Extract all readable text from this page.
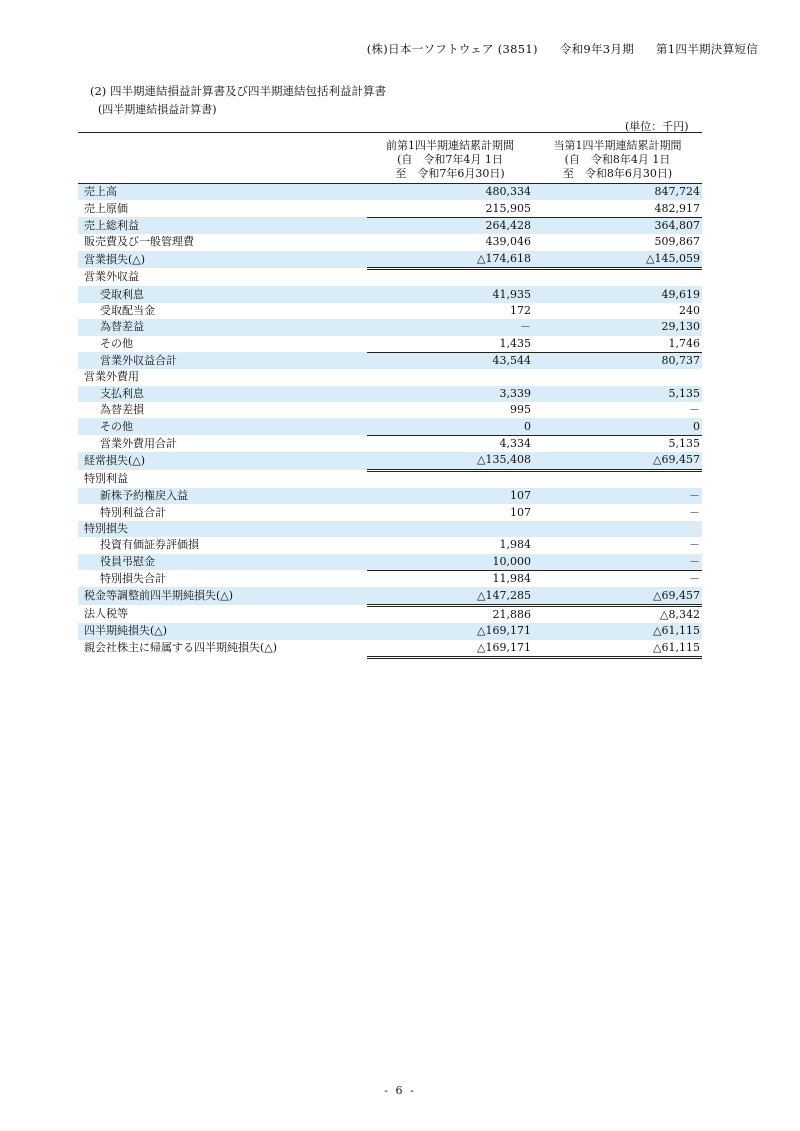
(株)日本一ソフトウェア (3851) 令和9年3月期 第1四半期決算短信
(2) 四半期連結損益計算書及び四半期連結包括利益計算書
(四半期連結損益計算書)
(単位：千円)

	前第1四半期連結累計期間
(自　令和7年4月 1日
至　令和7年6月30日)	当第1四半期連結累計期間
(自　令和8年4月 1日
至　令和8年6月30日)

売上高	480,334	847,724
売上原価	215,905	482,917
売上総利益	264,428	364,807
販売費及び一般管理費	439,046	509,867
営業損失(△)	△174,618	△145,059
営業外収益		
受取利息	41,935	49,619
受取配当金	172	240
為替差益	－	29,130
その他	1,435	1,746
営業外収益合計	43,544	80,737
営業外費用		
支払利息	3,339	5,135
為替差損	995	－
その他	0	0
営業外費用合計	4,334	5,135
経常損失(△)	△135,408	△69,457
特別利益		
新株予約権戻入益	107	－
特別利益合計	107	－
特別損失		
投資有価証券評価損	1,984	－
役員弔慰金	10,000	－
特別損失合計	11,984	－
税金等調整前四半期純損失(△)	△147,285	△69,457
法人税等	21,886	△8,342
四半期純損失(△)	△169,171	△61,115
親会社株主に帰属する四半期純損失(△)	△169,171	△61,115
- 6 -
